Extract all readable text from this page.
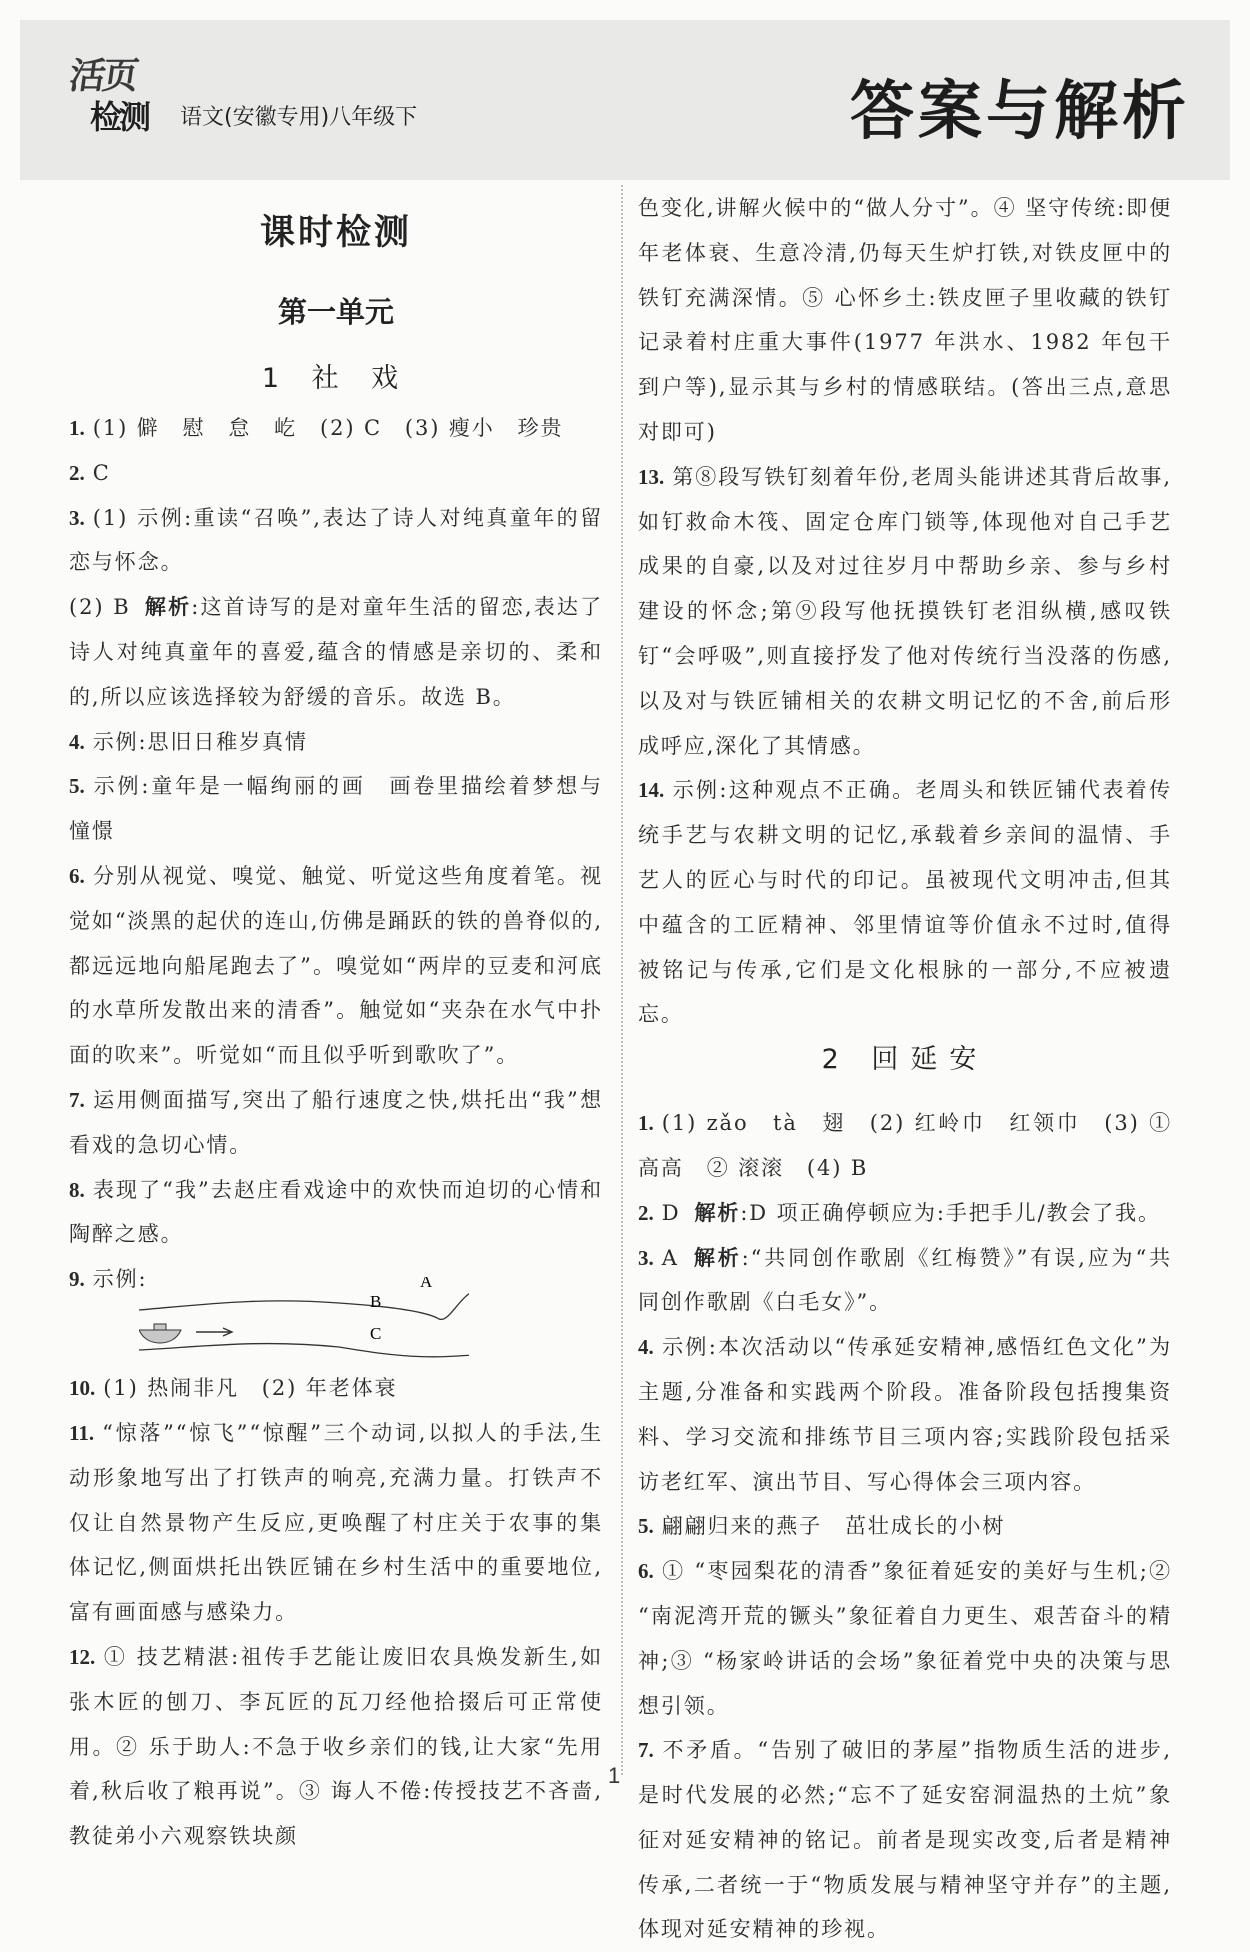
活页
检测 语文(安徽专用)八年级下	答案与解析
课时检测
第一单元
1 社 戏
1. (1) 僻　慰　怠　屹　(2) C　(3) 瘦小　珍贵
2. C
3. (1) 示例:重读“召唤”,表达了诗人对纯真童年的留恋与怀念。
(2) B 解析:这首诗写的是对童年生活的留恋,表达了诗人对纯真童年的喜爱,蕴含的情感是亲切的、柔和的,所以应该选择较为舒缓的音乐。故选 B。
4. 示例:思旧日稚岁真情
5. 示例:童年是一幅绚丽的画　画卷里描绘着梦想与憧憬
6. 分别从视觉、嗅觉、触觉、听觉这些角度着笔。视觉如“淡黑的起伏的连山,仿佛是踊跃的铁的兽脊似的,都远远地向船尾跑去了”。嗅觉如“两岸的豆麦和河底的水草所发散出来的清香”。触觉如“夹杂在水气中扑面的吹来”。听觉如“而且似乎听到歌吹了”。
7. 运用侧面描写,突出了船行速度之快,烘托出“我”想看戏的急切心情。
8. 表现了“我”去赵庄看戏途中的欢快而迫切的心情和陶醉之感。
9. 示例:	A
B
C
10. (1) 热闹非凡　(2) 年老体衰
11. “惊落”“惊飞”“惊醒”三个动词,以拟人的手法,生动形象地写出了打铁声的响亮,充满力量。打铁声不仅让自然景物产生反应,更唤醒了村庄关于农事的集体记忆,侧面烘托出铁匠铺在乡村生活中的重要地位,富有画面感与感染力。
12. ① 技艺精湛:祖传手艺能让废旧农具焕发新生,如张木匠的刨刀、李瓦匠的瓦刀经他拾掇后可正常使用。② 乐于助人:不急于收乡亲们的钱,让大家“先用着,秋后收了粮再说”。③ 诲人不倦:传授技艺不吝啬,教徒弟小六观察铁块颜
色变化,讲解火候中的“做人分寸”。④ 坚守传统:即便年老体衰、生意冷清,仍每天生炉打铁,对铁皮匣中的铁钉充满深情。⑤ 心怀乡土:铁皮匣子里收藏的铁钉记录着村庄重大事件(1977 年洪水、1982 年包干到户等),显示其与乡村的情感联结。(答出三点,意思对即可)
13. 第⑧段写铁钉刻着年份,老周头能讲述其背后故事,如钉救命木筏、固定仓库门锁等,体现他对自己手艺成果的自豪,以及对过往岁月中帮助乡亲、参与乡村建设的怀念;第⑨段写他抚摸铁钉老泪纵横,感叹铁钉“会呼吸”,则直接抒发了他对传统行当没落的伤感,以及对与铁匠铺相关的农耕文明记忆的不舍,前后形成呼应,深化了其情感。
14. 示例:这种观点不正确。老周头和铁匠铺代表着传统手艺与农耕文明的记忆,承载着乡亲间的温情、手艺人的匠心与时代的印记。虽被现代文明冲击,但其中蕴含的工匠精神、邻里情谊等价值永不过时,值得被铭记与传承,它们是文化根脉的一部分,不应被遗忘。
2 回延安
1. (1) zǎo　tà　翅　(2) 红岭巾　红领巾　(3) ① 高高　② 滚滚　(4) B
2. D 解析:D 项正确停顿应为:手把手儿/教会了我。
3. A 解析:“共同创作歌剧《红梅赞》”有误,应为“共同创作歌剧《白毛女》”。
4. 示例:本次活动以“传承延安精神,感悟红色文化”为主题,分准备和实践两个阶段。准备阶段包括搜集资料、学习交流和排练节目三项内容;实践阶段包括采访老红军、演出节目、写心得体会三项内容。
5. 翩翩归来的燕子　茁壮成长的小树
6. ① “枣园梨花的清香”象征着延安的美好与生机;② “南泥湾开荒的镢头”象征着自力更生、艰苦奋斗的精神;③ “杨家岭讲话的会场”象征着党中央的决策与思想引领。
7. 不矛盾。“告别了破旧的茅屋”指物质生活的进步,是时代发展的必然;“忘不了延安窑洞温热的土炕”象征对延安精神的铭记。前者是现实改变,后者是精神传承,二者统一于“物质发展与精神坚守并存”的主题,体现对延安精神的珍视。
1
